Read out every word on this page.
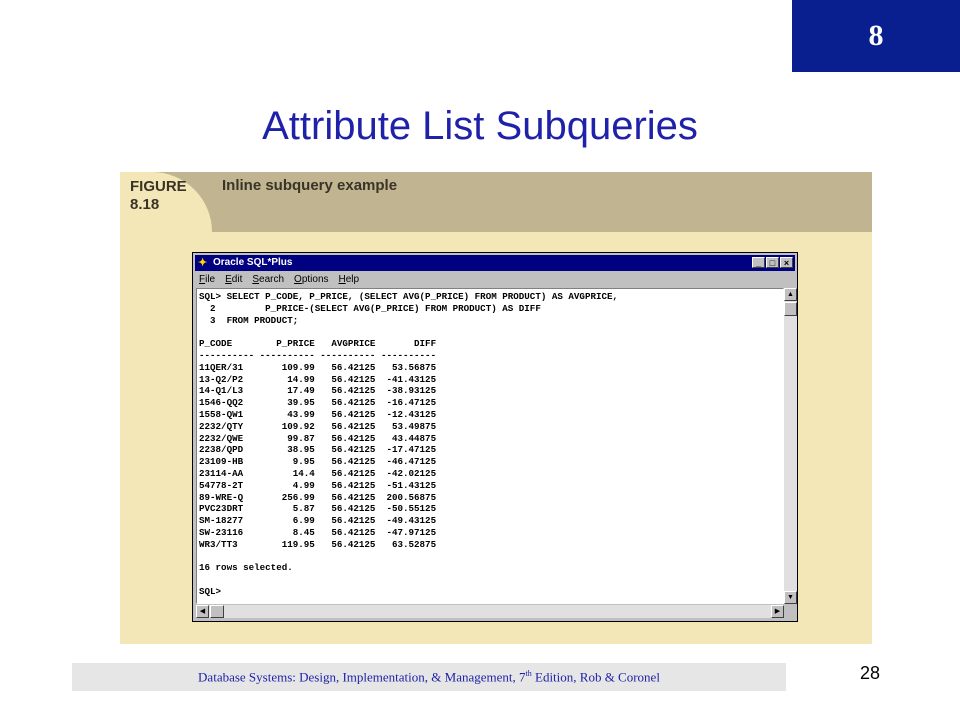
8
Attribute List Subqueries
FIGURE
8.18
Inline subquery example
✦ Oracle SQL*Plus	_ □ ×
File Edit Search Options Help
SQL> SELECT P_CODE, P_PRICE, (SELECT AVG(P_PRICE) FROM PRODUCT) AS AVGPRICE,
2         P_PRICE-(SELECT AVG(P_PRICE) FROM PRODUCT) AS DIFF
3  FROM PRODUCT;

P_CODE        P_PRICE   AVGPRICE       DIFF
---------- ---------- ---------- ----------
11QER/31       109.99   56.42125   53.56875
13-Q2/P2        14.99   56.42125  -41.43125
14-Q1/L3        17.49   56.42125  -38.93125
1546-QQ2        39.95   56.42125  -16.47125
1558-QW1        43.99   56.42125  -12.43125
2232/QTY       109.92   56.42125   53.49875
2232/QWE        99.87   56.42125   43.44875
2238/QPD        38.95   56.42125  -17.47125
23109-HB         9.95   56.42125  -46.47125
23114-AA         14.4   56.42125  -42.02125
54778-2T         4.99   56.42125  -51.43125
89-WRE-Q       256.99   56.42125  200.56875
PVC23DRT         5.87   56.42125  -50.55125
SM-18277         6.99   56.42125  -49.43125
SW-23116         8.45   56.42125  -47.97125
WR3/TT3        119.95   56.42125   63.52875

16 rows selected.

SQL>
▲
▼
◀	▶
Database Systems: Design, Implementation, & Management, 7th Edition, Rob & Coronel	28
